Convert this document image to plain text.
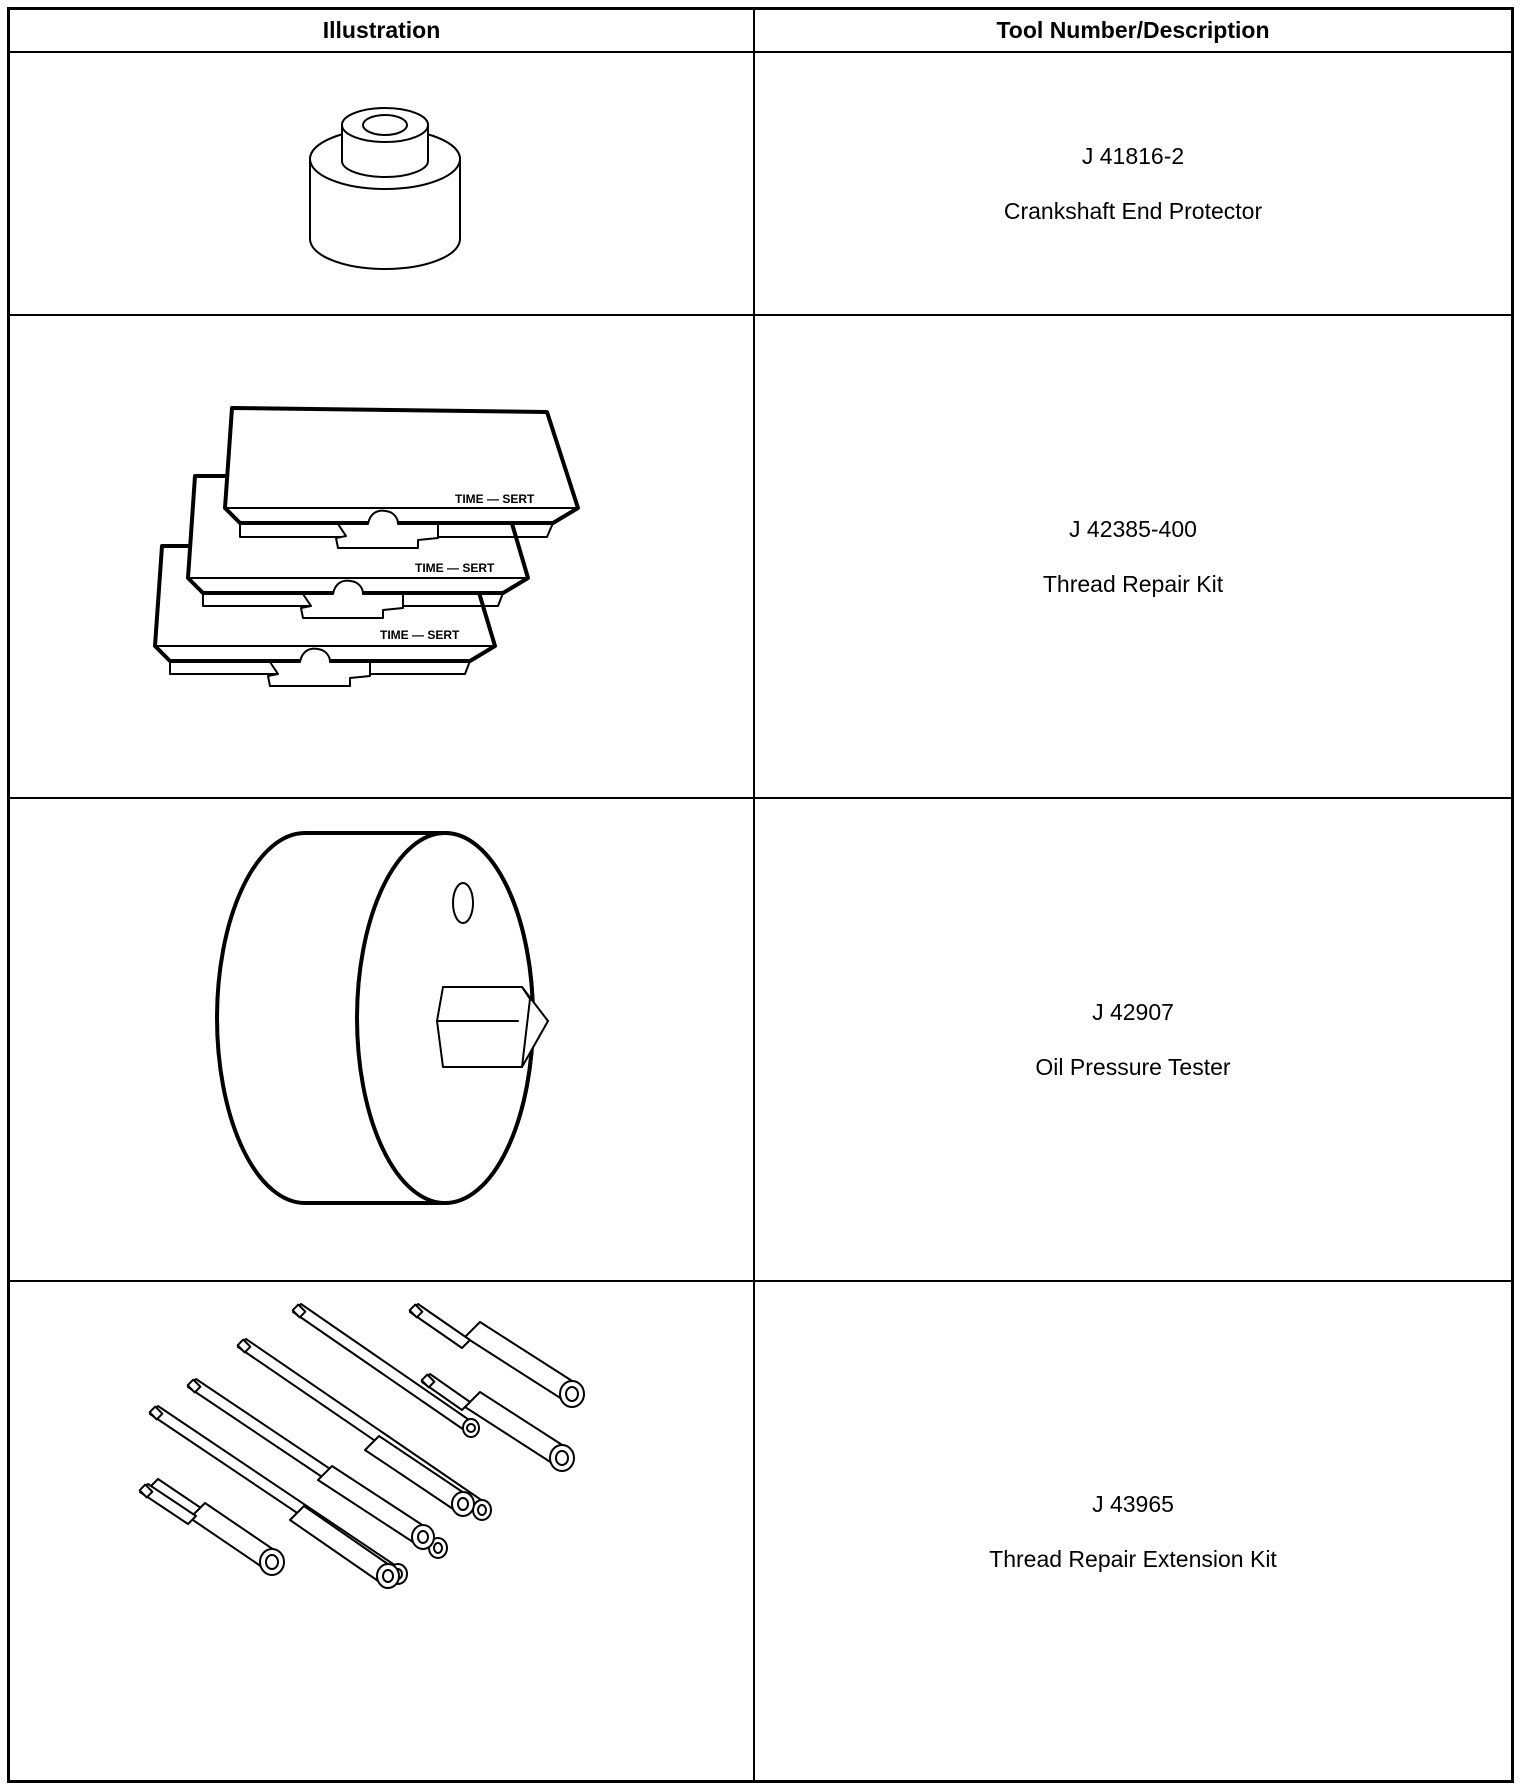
Illustration	Tool Number/Description
J 41816-2
Crankshaft End Protector
TIME — SERT
TIME — SERT
TIME — SERT
J 42385-400
Thread Repair Kit
J 42907
Oil Pressure Tester
J 43965
Thread Repair Extension Kit
